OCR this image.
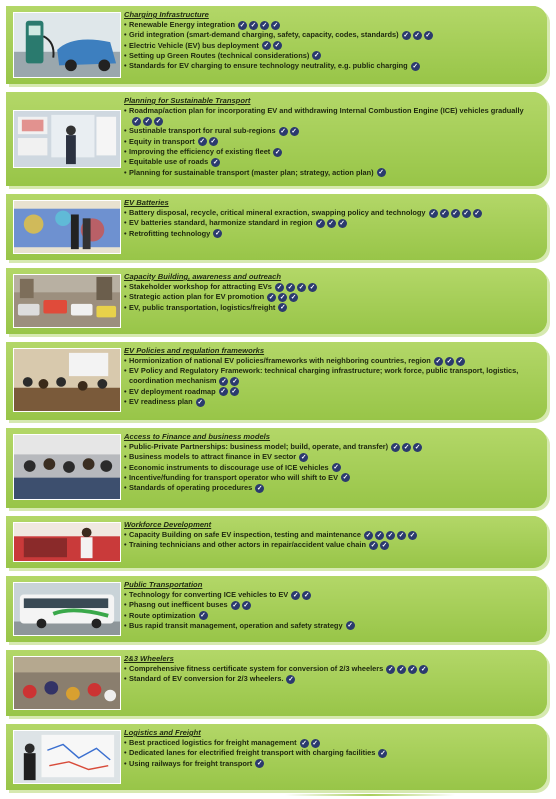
Charging Infrastructure
• Renewable Energy integration ✓ ✓ ✓ ✓
• Grid integration (smart-demand charging, safety, capacity, codes, standards) ✓ ✓ ✓
• Electric Vehicle (EV) bus deployment ✓ ✓
• Setting up Green Routes (technical considerations) ✓
• Standards for EV charging to ensure technology neutrality, e.g. public charging ✓
Planning for Sustainable Transport
• Roadmap/action plan for incorporating EV and withdrawing Internal Combustion Engine (ICE) vehicles gradually✓ ✓ ✓
• Sustinable transport for rural sub-regions ✓ ✓
• Equity in transport ✓ ✓
• Improving the efficiency of existing fleet ✓
• Equitable use of roads ✓
• Planning for sustainable transport (master plan; strategy, action plan) ✓
EV Batteries
• Battery disposal, recycle, critical mineral exraction, swapping policy and technology ✓ ✓ ✓ ✓ ✓
• EV batteries standard, harmonize standard in region ✓ ✓ ✓
• Retrofitting technology ✓
Capacity Building, awareness and outreach
• Stakeholder workshop for attracting EVs ✓ ✓ ✓ ✓
• Strategic action plan for EV promotion ✓ ✓ ✓
• EV, public transportation, logistics/freight ✓
EV Policies and regulation frameworks
• Hormionization of national EV policies/frameworks with neighboring countries, region ✓ ✓ ✓
• EV Policy and Regulatory Framework: technical charging infrastructure; work force, public transport, logistics, coordination mechanism ✓ ✓
• EV deployment roadmap ✓ ✓
• EV readiness plan ✓
Access to Finance and business models
• Public-Private Partnerships: business model; build, operate, and transfer) ✓ ✓ ✓
• Business models to attract finance in EV sector ✓
• Economic instruments to discourage use of ICE vehicles ✓
• Incentive/funding for transport operator who will shift to EV ✓
• Standards of operating procedures ✓
Workforce Development
• Capacity Building on safe EV inspection, testing and maintenance ✓ ✓ ✓ ✓ ✓
• Training technicians and other actors in repair/accident value chain ✓ ✓
Public Transportation
• Technology for converting ICE vehicles to EV ✓ ✓
• Phasng out inefficent buses ✓ ✓
• Route optimization ✓
• Bus rapid transit management, operation and safety strategy ✓
2&3 Wheelers
• Comprehensive fitness certificate system for conversion of 2/3 wheelers ✓ ✓ ✓ ✓
• Standard of EV conversion for 2/3 wheelers. ✓
Logistics and Freight
• Best practiced logistics for freight management ✓ ✓
• Dedicated lanes for electrified freight transport with charging facilities ✓
• Using railways for freight transport ✓
